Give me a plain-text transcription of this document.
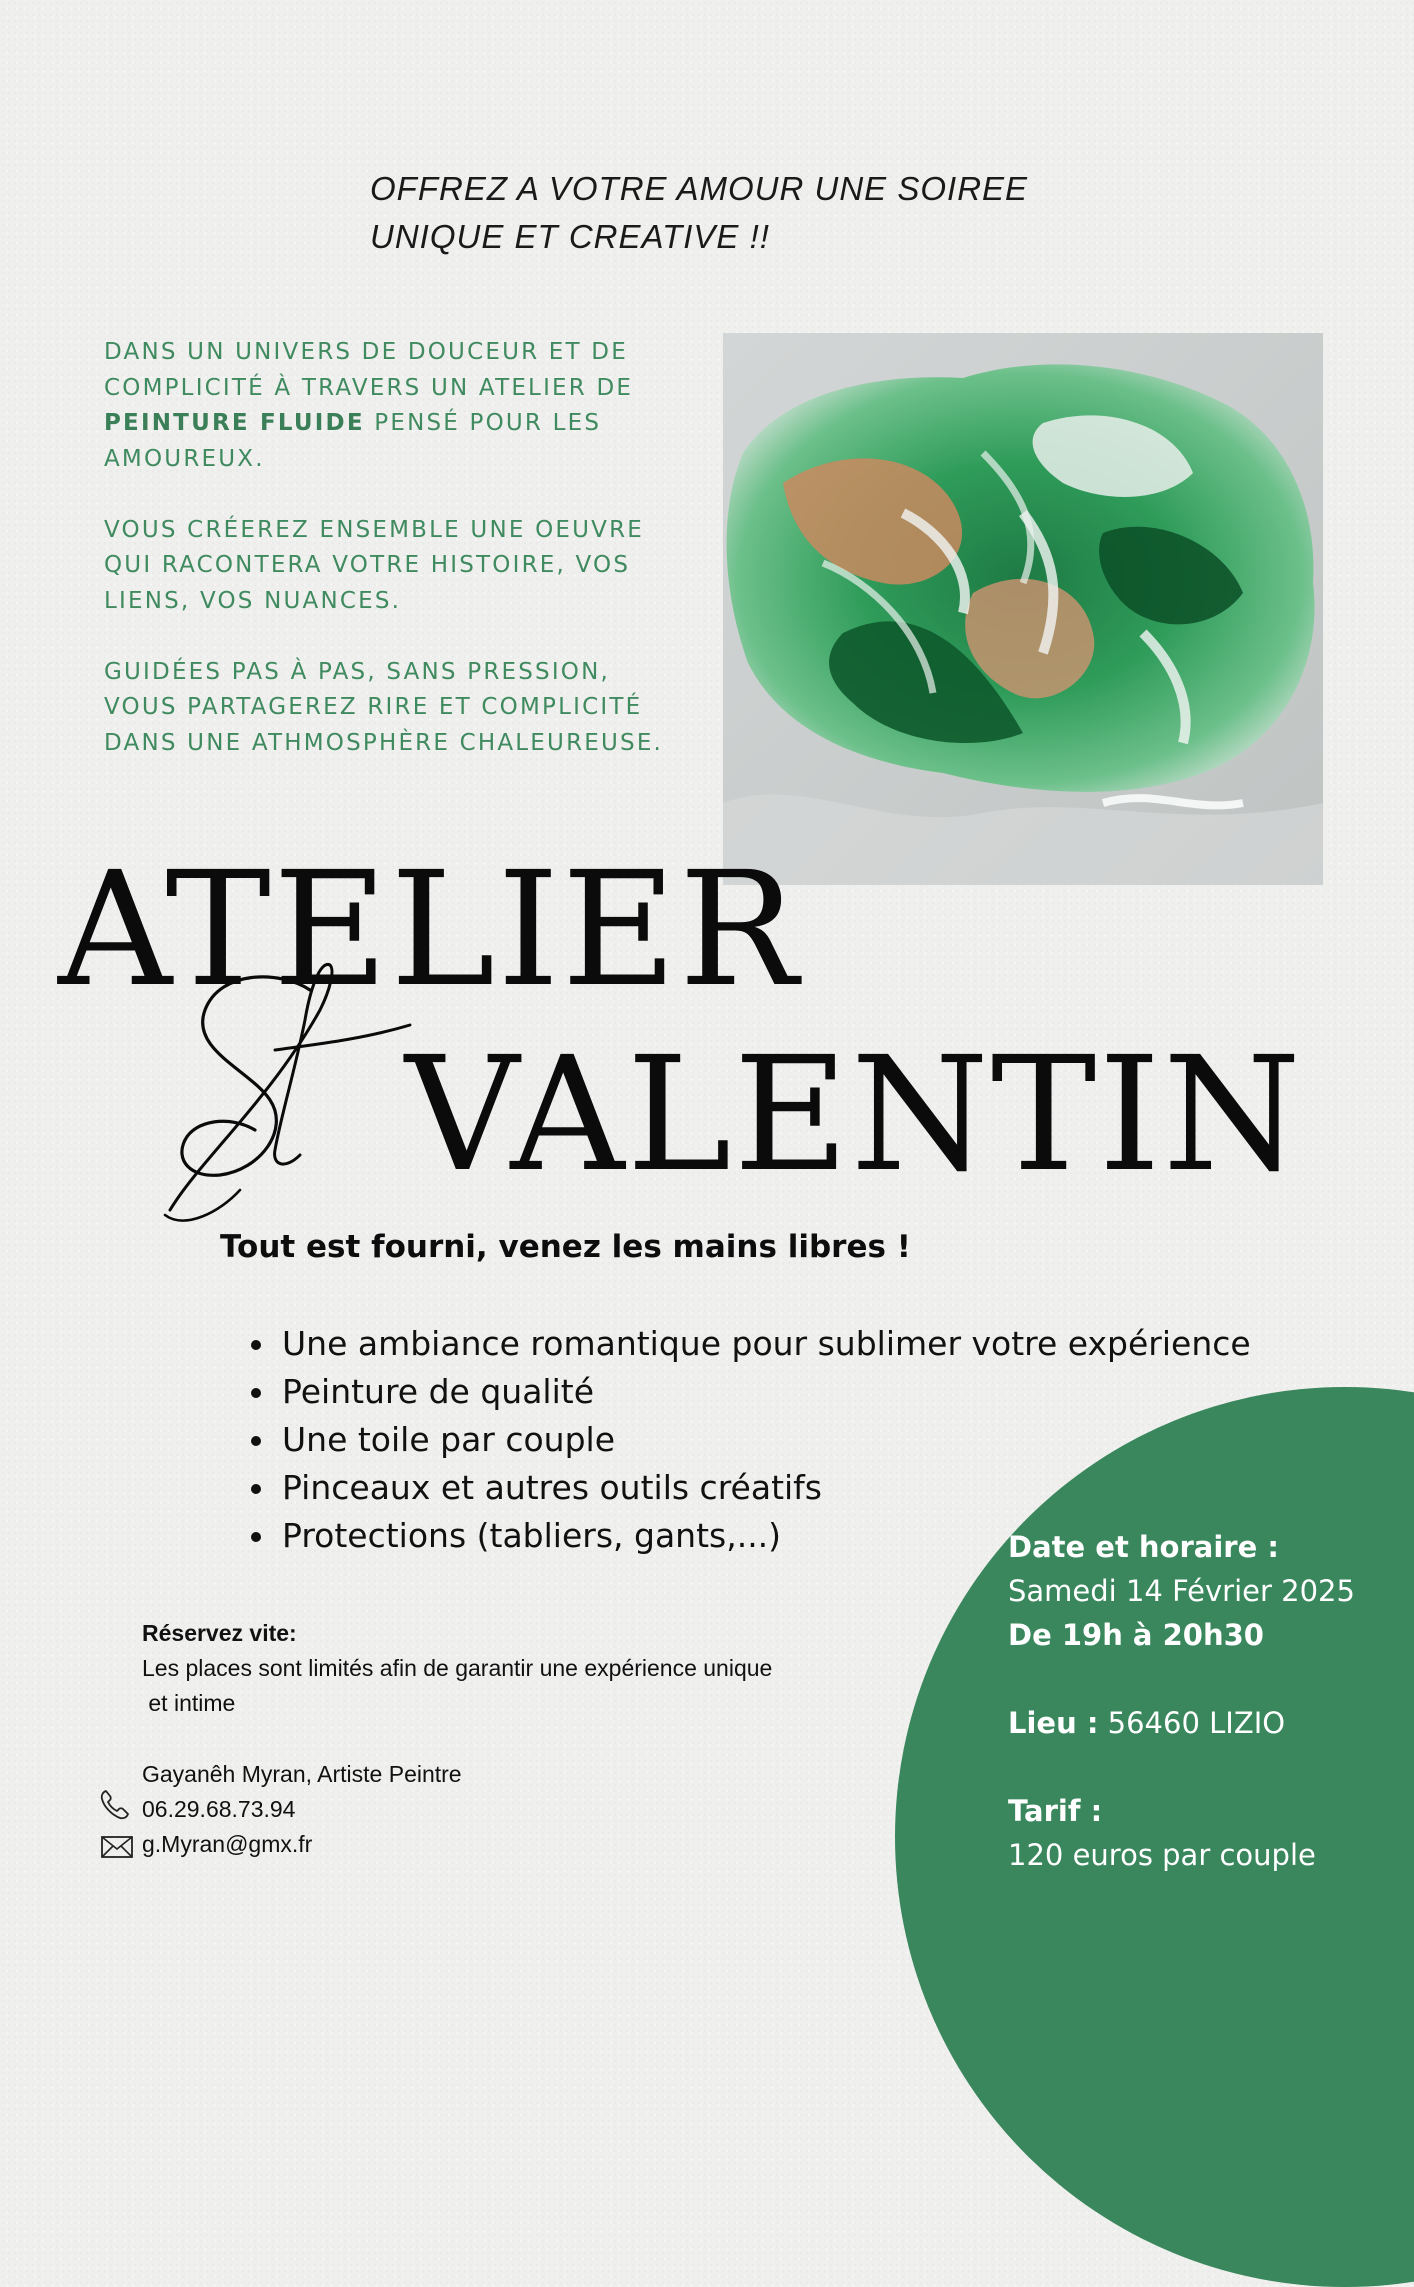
OFFREZ A VOTRE AMOUR UNE SOIREE
UNIQUE ET CREATIVE !!

DANS UN UNIVERS DE DOUCEUR ET DE COMPLICITÉ À TRAVERS UN ATELIER DE PEINTURE FLUIDE PENSÉ POUR LES AMOUREUX.

VOUS CRÉEREZ ENSEMBLE UNE OEUVRE QUI RACONTERA VOTRE HISTOIRE, VOS LIENS, VOS NUANCES.

GUIDÉES PAS À PAS, SANS PRESSION, VOUS PARTAGEREZ RIRE ET COMPLICITÉ DANS UNE ATHMOSPHÈRE CHALEUREUSE.

ATELIER
VALENTIN
Tout est fourni, venez les mains libres !
• Une ambiance romantique pour sublimer votre expérience
• Peinture de qualité
• Une toile par couple
• Pinceaux et autres outils créatifs
• Protections (tabliers, gants,...)
Réservez vite:
Les places sont limités afin de garantir une expérience unique
et intime
Gayanêh Myran, Artiste Peintre
06.29.68.73.94
g.Myran@gmx.fr
Date et horaire :
Samedi 14 Février 2025
De 19h à 20h30
Lieu : 56460 LIZIO
Tarif :
120 euros par couple
